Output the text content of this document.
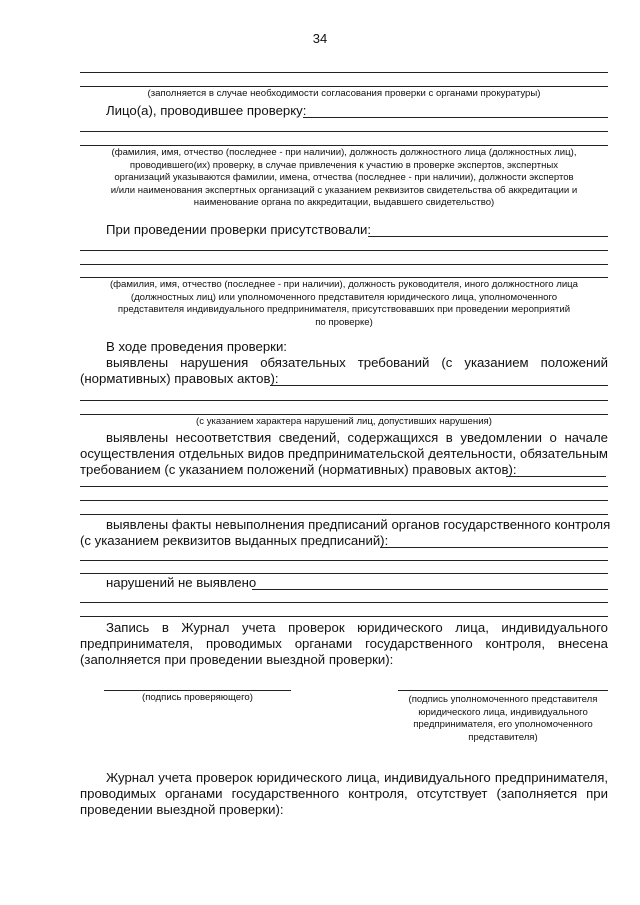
34
(заполняется в случае необходимости согласования проверки с органами прокуратуры)
Лицо(а), проводившее проверку:
(фамилия, имя, отчество (последнее - при наличии), должность должностного лица (должностных лиц),
проводившего(их) проверку, в случае привлечения к участию в проверке экспертов, экспертных
организаций указываются фамилии, имена, отчества (последнее - при наличии), должности экспертов
и/или наименования экспертных организаций с указанием реквизитов свидетельства об аккредитации и
наименование органа по аккредитации, выдавшего свидетельство)
При проведении проверки присутствовали:
(фамилия, имя, отчество (последнее - при наличии), должность руководителя, иного должностного лица
(должностных лиц) или уполномоченного представителя юридического лица, уполномоченного
представителя индивидуального предпринимателя, присутствовавших при проведении мероприятий
по проверке)
В ходе проведения проверки:
выявлены нарушения обязательных требований (с указанием положений
(нормативных) правовых актов):
(с указанием характера нарушений лиц, допустивших нарушения)
выявлены несоответствия сведений, содержащихся в уведомлении о начале
осуществления отдельных видов предпринимательской деятельности, обязательным
требованием (с указанием положений (нормативных) правовых актов):
выявлены факты невыполнения предписаний органов государственного контроля
(с указанием реквизитов выданных предписаний):
нарушений не выявлено
Запись в Журнал учета проверок юридического лица, индивидуального
предпринимателя, проводимых органами государственного контроля, внесена
(заполняется при проведении выездной проверки):
(подпись проверяющего)	(подпись уполномоченного представителя
юридического лица, индивидуального
предпринимателя, его уполномоченного
представителя)
Журнал учета проверок юридического лица, индивидуального предпринимателя,
проводимых органами государственного контроля, отсутствует (заполняется при
проведении выездной проверки):
